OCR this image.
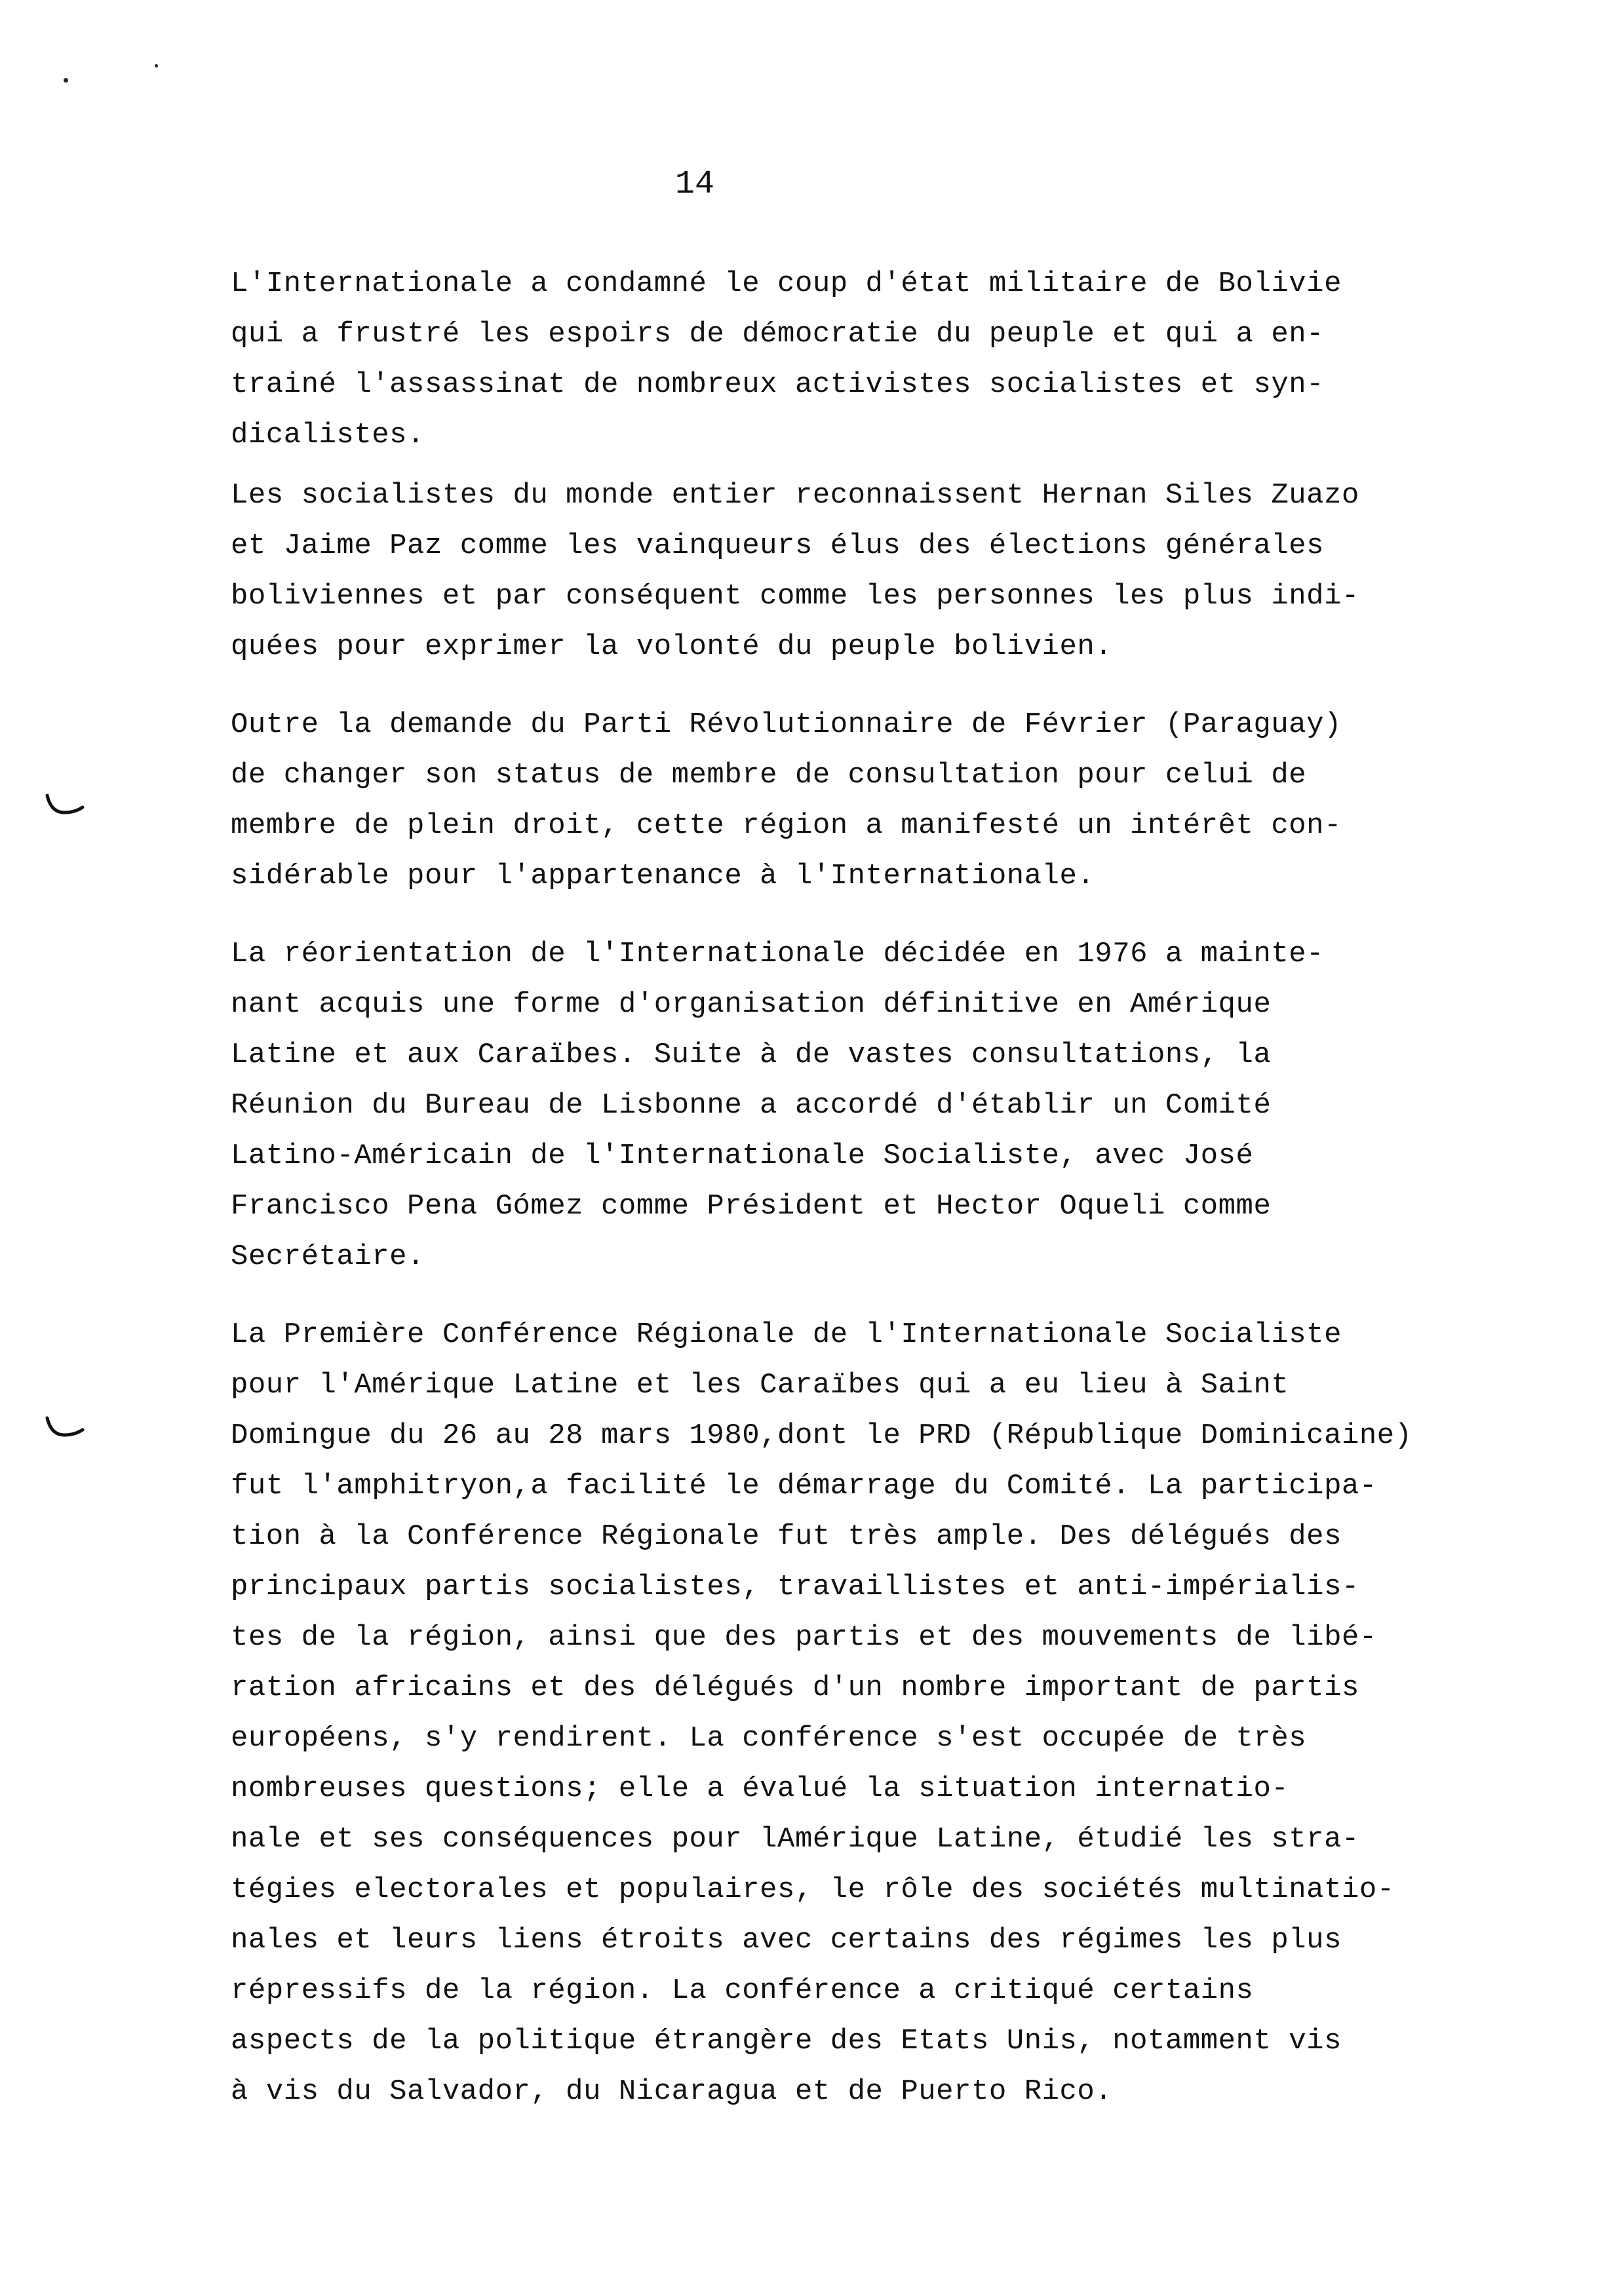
14
L'Internationale a condamné le coup d'état militaire de Bolivie
qui a frustré les espoirs de démocratie du peuple et qui a en-
trainé l'assassinat de nombreux activistes socialistes et syn-
dicalistes.
Les socialistes du monde entier reconnaissent Hernan Siles Zuazo
et Jaime Paz comme les vainqueurs élus des élections générales
boliviennes et par conséquent comme les personnes les plus indi-
quées pour exprimer la volonté du peuple bolivien.
Outre la demande du Parti Révolutionnaire de Février (Paraguay)
de changer son status de membre de consultation pour celui de
membre de plein droit, cette région a manifesté un intérêt con-
sidérable pour l'appartenance à l'Internationale.
La réorientation de l'Internationale décidée en 1976 a mainte-
nant acquis une forme d'organisation définitive en Amérique
Latine et aux Caraïbes. Suite à de vastes consultations, la
Réunion du Bureau de Lisbonne a accordé d'établir un Comité
Latino-Américain de l'Internationale Socialiste, avec José
Francisco Pena Gómez comme Président et Hector Oqueli comme
Secrétaire.
La Première Conférence Régionale de l'Internationale Socialiste
pour l'Amérique Latine et les Caraïbes qui a eu lieu à Saint
Domingue du 26 au 28 mars 1980,dont le PRD (République Dominicaine)
fut l'amphitryon,a facilité le démarrage du Comité. La participa-
tion à la Conférence Régionale fut très ample. Des délégués des
principaux partis socialistes, travaillistes et anti-impérialis-
tes de la région, ainsi que des partis et des mouvements de libé-
ration africains et des délégués d'un nombre important de partis
européens, s'y rendirent. La conférence s'est occupée de très
nombreuses questions; elle a évalué la situation internatio-
nale et ses conséquences pour lAmérique Latine, étudié les stra-
tégies electorales et populaires, le rôle des sociétés multinatio-
nales et leurs liens étroits avec certains des régimes les plus
répressifs de la région. La conférence a critiqué certains
aspects de la politique étrangère des Etats Unis, notamment vis
à vis du Salvador, du Nicaragua et de Puerto Rico.
